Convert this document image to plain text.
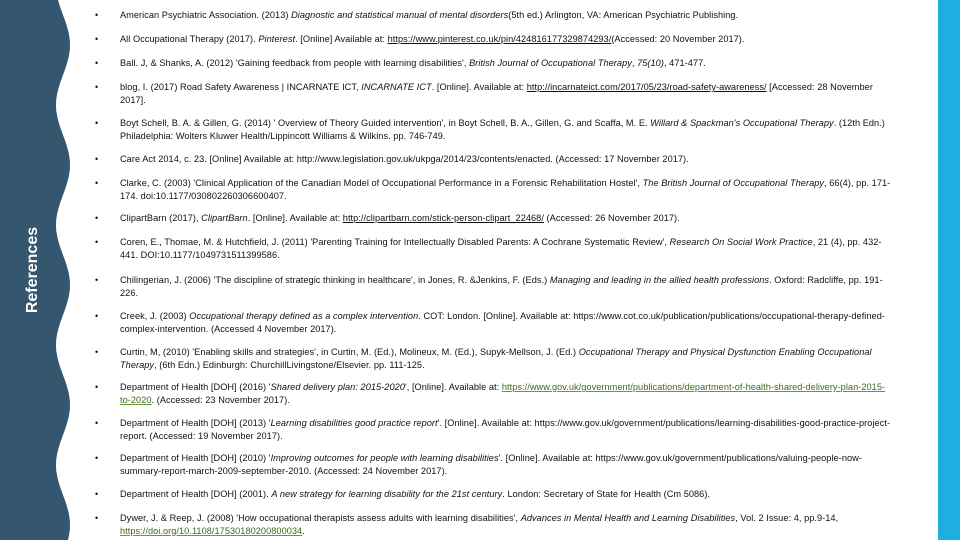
References
•	American Psychiatric Association. (2013) Diagnostic and statistical manual of mental disorders(5th ed.) Arlington, VA: American Psychiatric Publishing.
•	All Occupational Therapy (2017). Pinterest. [Online] Available at: https://www.pinterest.co.uk/pin/424816177329874293/(Accessed: 20 November 2017).
•	Ball. J, & Shanks, A. (2012) 'Gaining feedback from people with learning disabilities', British Journal of Occupational Therapy, 75(10), 471-477.
•	blog, I. (2017) Road Safety Awareness | INCARNATE ICT, INCARNATE ICT. [Online]. Available at: http://incarnateict.com/2017/05/23/road-safety-awareness/ [Accessed: 28 November 2017].
•	Boyt Schell, B. A. & Gillen, G. (2014) ' Overview of Theory Guided intervention', in Boyt Schell, B. A., Gillen, G. and Scaffa, M. E. Willard & Spackman's Occupational Therapy. (12th Edn.) Philadelphia: Wolters Kluwer Health/Lippincott Williams & Wilkins. pp. 746-749.
•	Care Act 2014, c. 23. [Online] Available at: http://www.legislation.gov.uk/ukpga/2014/23/contents/enacted. (Accessed: 17 November 2017).
•	Clarke, C. (2003) 'Clinical Application of the Canadian Model of Occupational Performance in a Forensic Rehabilitation Hostel', The British Journal of Occupational Therapy, 66(4), pp. 171-174. doi:10.1177/030802260306600407.
•	ClipartBarn (2017), ClipartBarn. [Online]. Available at: http://clipartbarn.com/stick-person-clipart_22468/ (Accessed: 26 November 2017).
•	Coren, E., Thomae, M. & Hutchfield, J. (2011) 'Parenting Training for Intellectually Disabled Parents: A Cochrane Systematic Review', Research On Social Work Practice, 21 (4), pp. 432-441. DOI:10.1177/1049731511399586.
•	Chilingerian, J. (2006) 'The discipline of strategic thinking in healthcare', in Jones, R. &Jenkins, F. (Eds.) Managing and leading in the allied health professions. Oxford: Radcliffe, pp. 191-226.
•	Creek, J. (2003) Occupational therapy defined as a complex intervention. COT: London. [Online]. Available at: https://www.cot.co.uk/publication/publications/occupational-therapy-defined-complex-intervention. (Accessed 4 November 2017).
•	Curtin, M, (2010) 'Enabling skills and strategies', in Curtin, M. (Ed.), Molineux, M. (Ed.), Supyk-Mellson, J. (Ed.) Occupational Therapy and Physical Dysfunction Enabling Occupational Therapy, (6th Edn.) Edinburgh: ChurchillLivingstone/Elsevier. pp. 111-125.
•	Department of Health [DOH] (2016) 'Shared delivery plan: 2015-2020', [Online]. Available at: https://www.gov.uk/government/publications/department-of-health-shared-delivery-plan-2015-to-2020. (Accessed: 23 November 2017).
•	Department of Health [DOH] (2013) 'Learning disabilities good practice report'. [Online]. Available at: https://www.gov.uk/government/publications/learning-disabilities-good-practice-project-report. (Accessed: 19 November 2017).
•	Department of Health [DOH] (2010) 'Improving outcomes for people with learning disabilities'. [Online]. Available at: https://www.gov.uk/government/publications/valuing-people-now-summary-report-march-2009-september-2010. (Accessed: 24 November 2017).
•	Department of Health [DOH] (2001). A new strategy for learning disability for the 21st century. London: Secretary of State for Health (Cm 5086).
•	Dywer, J. & Reep, J. (2008) 'How occupational therapists assess adults with learning disabilities', Advances in Mental Health and Learning Disabilities, Vol. 2 Issue: 4, pp.9-14, https://doi.org/10.1108/17530180200800034.
